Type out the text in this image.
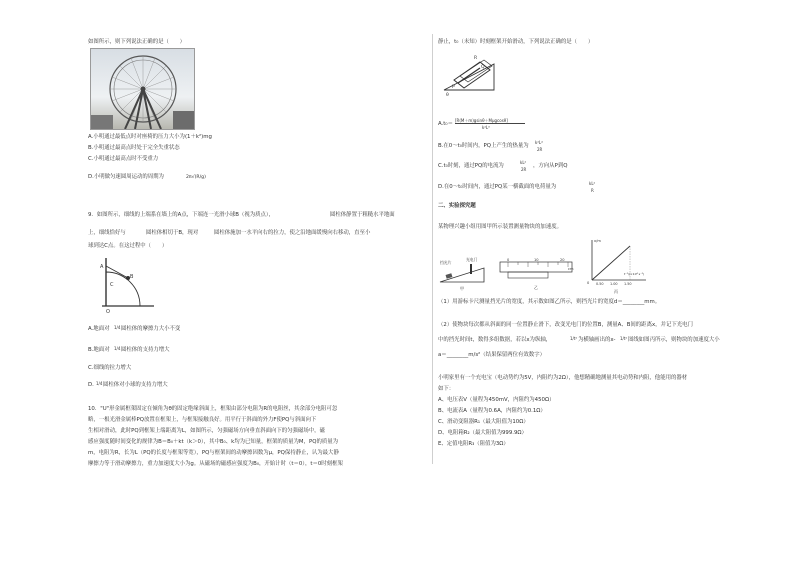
如图所示，则下列说法正确的是（　　）
A.小明通过最低点时对座椅的压力大小为(1＋k²)mg
B.小明通过最高点时处于完全失重状态
C.小明通过最高点时不受重力
D.小明做匀速圆周运动的周期为	2π√(R/g)
9．如图所示，细线的上端系在墙上的A点，下端连一光滑小球B（视为质点），	圆柱体静置于粗糙水平地面
上，细线恰好与	圆柱体相切于B，现对	圆柱体施加一水平向右的拉力，使之沿地面缓慢向右移动，直至小
球到达C点。在这过程中（　　）
A
B
C
O
A.地面对 1/4 圆柱体的摩擦力大小不变
B.地面对 1/4 圆柱体的支持力增大
C.细线的拉力增大
D. 1/4 圆柱体对小球的支持力增大
10．"U"形金属框架固定在倾角为θ的固定绝缘斜面上，框架由部分电阻为R的电阻丝，其余部分电阻可忽
略，一根光滑金属棒PQ放置在框架上，与框架接触良好。用平行于斜面的外力F使PQ与斜面向下
生相对滑动，此时PQ到框架上端距离为L，如图所示，匀强磁场方向垂直斜面向下的匀强磁场中，磁
感应强度随时间变化的规律为B＝B₀＋kt（k＞0），其中B₀、k均为已知量，框架的质量为M，PQ的质量为
m，电阻为R，长为L（PQ的长度与框架等宽），PQ与框架间的动摩擦因数为μ，PQ保持静止，认为最大静
摩擦力等于滑动摩擦力，重力加速度大小为g。从磁场的磁感应强度为B₀，开始计时（t＝0），t＝0时刻框架
静止，t₀（未知）时刻框架开始滑动，下列说法正确的是（　　）
P
Q
R
θ
A.t₀＝
[R(M＋m)gsinθ＋Mμgcosθ]
k²L³
B.在0～t₀时间内，PQ上产生的热量为
k²L⁴
2R
C.t₀时刻，通过PQ的电流为
kL²
2R
，方向从P到Q
D.在0～t₀时间内，通过PQ某一横截面的电荷量为
kL²
R
二、实验探究题
某物理兴趣小组用图甲所示装置测量物块的加速度。
挡光片
光电门
甲
0	10	20
cm
乙
x/m
t⁻²/(×10⁴ s⁻²)
0 0.50 1.00 1.50
丙
（1）用游标卡尺测量挡光片的宽度，其示数如图乙所示，则挡光片的宽度d＝________mm。
（2）使物块每次都从斜面的同一位置静止滑下，改变光电门的位置B，测量A、B间的距离x，并记下光电门
中的挡光时间t，数得多组数据，若以x为纵轴，	1/t² 为横轴画出的x- 1/t² 图线如图丙所示，则物块的加速度大小
a＝________m/s²（结果保留两位有效数字）
小明家里有一个充电宝（电动势约为5V，内阻约为2Ω），他想精确地测量其电动势和内阻，他能用的器材
如下：
A、电压表V（量程为450mV，内阻约为450Ω）
B、电流表A（量程为0.6A，内阻约为0.1Ω）
C、滑动变阻器R₁（最大阻值为10Ω）
D、电阻箱R₂（最大阻值为999.9Ω）
E、定值电阻R₃（阻值为3Ω）
